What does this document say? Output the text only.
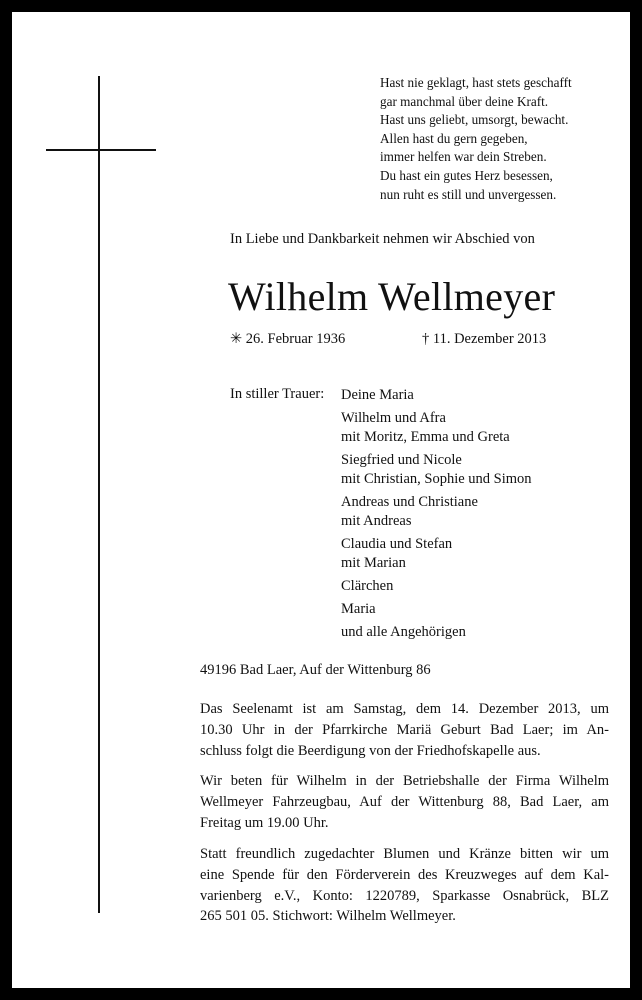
Hast nie geklagt, hast stets geschafft
gar manchmal über deine Kraft.
Hast uns geliebt, umsorgt, bewacht.
Allen hast du gern gegeben,
immer helfen war dein Streben.
Du hast ein gutes Herz besessen,
nun ruht es still und unvergessen.
In Liebe und Dankbarkeit nehmen wir Abschied von
Wilhelm Wellmeyer
✳ 26. Februar 1936	† 11. Dezember 2013
In stiller Trauer: Deine Maria
Wilhelm und Afra
mit Moritz, Emma und Greta
Siegfried und Nicole
mit Christian, Sophie und Simon
Andreas und Christiane
mit Andreas
Claudia und Stefan
mit Marian
Clärchen
Maria
und alle Angehörigen
49196 Bad Laer, Auf der Wittenburg 86
Das Seelenamt ist am Samstag, dem 14. Dezember 2013, um
10.30 Uhr in der Pfarrkirche Mariä Geburt Bad Laer; im An-
schluss folgt die Beerdigung von der Friedhofskapelle aus.
Wir beten für Wilhelm in der Betriebshalle der Firma Wilhelm
Wellmeyer Fahrzeugbau, Auf der Wittenburg 88, Bad Laer, am
Freitag um 19.00 Uhr.
Statt freundlich zugedachter Blumen und Kränze bitten wir um
eine Spende für den Förderverein des Kreuzweges auf dem Kal-
varienberg e.V., Konto: 1220789, Sparkasse Osnabrück, BLZ
265 501 05. Stichwort: Wilhelm Wellmeyer.
